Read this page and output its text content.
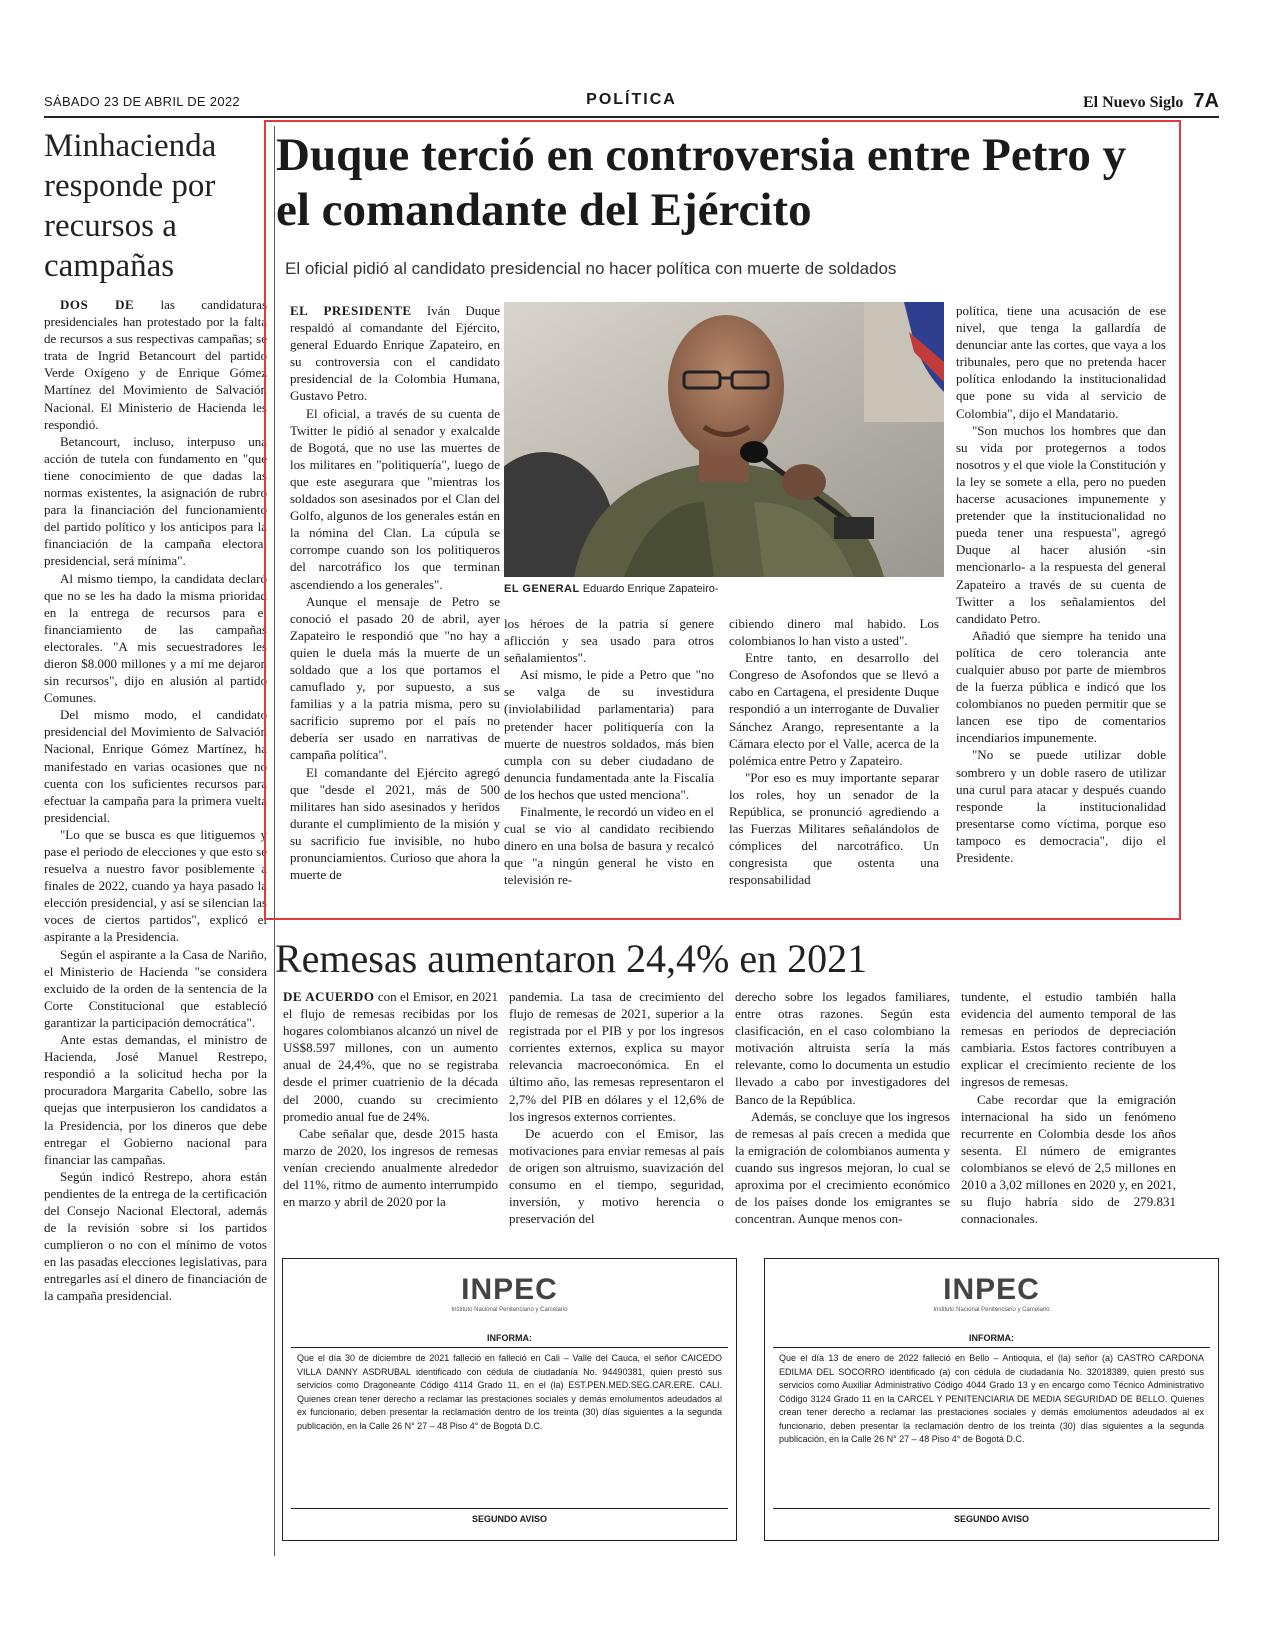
SÁBADO 23 DE ABRIL DE 2022	POLÍTICA	El Nuevo Siglo 7A
Minhacienda responde por recursos a campañas

DOS DE las candidaturas presidenciales han protestado por la falta de recursos a sus respectivas campañas; se trata de Ingrid Betancourt del partido Verde Oxígeno y de Enrique Gómez Martínez del Movimiento de Salvación Nacional. El Ministerio de Hacienda les respondió.

Betancourt, incluso, interpuso una acción de tutela con fundamento en "que tiene conocimiento de que dadas las normas existentes, la asignación de rubro para la financiación del funcionamiento del partido político y los anticipos para la financiación de la campaña electoral presidencial, será mínima".

Al mismo tiempo, la candidata declaró que no se les ha dado la misma prioridad en la entrega de recursos para el financiamiento de las campañas electorales. "A mis secuestradores les dieron $8.000 millones y a mí me dejaron sin recursos", dijo en alusión al partido Comunes.

Del mismo modo, el candidato presidencial del Movimiento de Salvación Nacional, Enrique Gómez Martínez, ha manifestado en varias ocasiones que no cuenta con los suficientes recursos para efectuar la campaña para la primera vuelta presidencial.

"Lo que se busca es que litiguemos y pase el periodo de elecciones y que esto se resuelva a nuestro favor posiblemente a finales de 2022, cuando ya haya pasado la elección presidencial, y así se silencian las voces de ciertos partidos", explicó el aspirante a la Presidencia.

Según el aspirante a la Casa de Nariño, el Ministerio de Hacienda "se considera excluido de la orden de la sentencia de la Corte Constitucional que estableció garantizar la participación democrática".

Ante estas demandas, el ministro de Hacienda, José Manuel Restrepo, respondió a la solicitud hecha por la procuradora Margarita Cabello, sobre las quejas que interpusieron los candidatos a la Presidencia, por los dineros que debe entregar el Gobierno nacional para financiar las campañas.

Según indicó Restrepo, ahora están pendientes de la entrega de la certificación del Consejo Nacional Electoral, además de la revisión sobre si los partidos cumplieron o no con el mínimo de votos en las pasadas elecciones legislativas, para entregarles así el dinero de financiación de la campaña presidencial.

Duque terció en controversia entre Petro y el comandante del Ejército
El oficial pidió al candidato presidencial no hacer política con muerte de soldados

EL PRESIDENTE Iván Duque respaldó al comandante del Ejército, general Eduardo Enrique Zapateiro, en su controversia con el candidato presidencial de la Colombia Humana, Gustavo Petro.

El oficial, a través de su cuenta de Twitter le pidió al senador y exalcalde de Bogotá, que no use las muertes de los militares en "politiquería", luego de que este asegurara que "mientras los soldados son asesinados por el Clan del Golfo, algunos de los generales están en la nómina del Clan. La cúpula se corrompe cuando son los politiqueros del narcotráfico los que terminan ascendiendo a los generales".

Aunque el mensaje de Petro se conoció el pasado 20 de abril, ayer Zapateiro le respondió que "no hay a quien le duela más la muerte de un soldado que a los que portamos el camuflado y, por supuesto, a sus familias y a la patria misma, pero su sacrificio supremo por el país no debería ser usado en narrativas de campaña política".

El comandante del Ejército agregó que "desde el 2021, más de 500 militares han sido asesinados y heridos durante el cumplimiento de la misión y su sacrificio fue invisible, no hubo pronunciamientos. Curioso que ahora la muerte de

EL GENERAL Eduardo Enrique Zapateiro-

los héroes de la patria sí genere aflicción y sea usado para otros señalamientos".

Así mismo, le pide a Petro que "no se valga de su investidura (inviolabilidad parlamentaria) para pretender hacer politiquería con la muerte de nuestros soldados, más bien cumpla con su deber ciudadano de denuncia fundamentada ante la Fiscalía de los hechos que usted menciona".

Finalmente, le recordó un video en el cual se vio al candidato recibiendo dinero en una bolsa de basura y recalcó que "a ningún general he visto en televisión re-

cibiendo dinero mal habido. Los colombianos lo han visto a usted".

Entre tanto, en desarrollo del Congreso de Asofondos que se llevó a cabo en Cartagena, el presidente Duque respondió a un interrogante de Duvalier Sánchez Arango, representante a la Cámara electo por el Valle, acerca de la polémica entre Petro y Zapateiro.

"Por eso es muy importante separar los roles, hoy un senador de la República, se pronunció agrediendo a las Fuerzas Militares señalándolos de cómplices del narcotráfico. Un congresista que ostenta una responsabilidad

política, tiene una acusación de ese nivel, que tenga la gallardía de denunciar ante las cortes, que vaya a los tribunales, pero que no pretenda hacer política enlodando la institucionalidad que pone su vida al servicio de Colombia", dijo el Mandatario.

"Son muchos los hombres que dan su vida por protegernos a todos nosotros y el que viole la Constitución y la ley se somete a ella, pero no pueden hacerse acusaciones impunemente y pretender que la institucionalidad no pueda tener una respuesta", agregó Duque al hacer alusión -sin mencionarlo- a la respuesta del general Zapateiro a través de su cuenta de Twitter a los señalamientos del candidato Petro.

Añadió que siempre ha tenido una política de cero tolerancia ante cualquier abuso por parte de miembros de la fuerza pública e indicó que los colombianos no pueden permitir que se lancen ese tipo de comentarios incendiarios impunemente.

"No se puede utilizar doble sombrero y un doble rasero de utilizar una curul para atacar y después cuando responde la institucionalidad presentarse como víctima, porque eso tampoco es democracia", dijo el Presidente.

Remesas aumentaron 24,4% en 2021

DE ACUERDO con el Emisor, en 2021 el flujo de remesas recibidas por los hogares colombianos alcanzó un nivel de US$8.597 millones, con un aumento anual de 24,4%, que no se registraba desde el primer cuatrienio de la década del 2000, cuando su crecimiento promedio anual fue de 24%.

Cabe señalar que, desde 2015 hasta marzo de 2020, los ingresos de remesas venían creciendo anualmente alrededor del 11%, ritmo de aumento interrumpido en marzo y abril de 2020 por la

pandemia. La tasa de crecimiento del flujo de remesas de 2021, superior a la registrada por el PIB y por los ingresos corrientes externos, explica su mayor relevancia macroeconómica. En el último año, las remesas representaron el 2,7% del PIB en dólares y el 12,6% de los ingresos externos corrientes.

De acuerdo con el Emisor, las motivaciones para enviar remesas al país de origen son altruismo, suavización del consumo en el tiempo, seguridad, inversión, y motivo herencia o preservación del

derecho sobre los legados familiares, entre otras razones. Según esta clasificación, en el caso colombiano la motivación altruista sería la más relevante, como lo documenta un estudio llevado a cabo por investigadores del Banco de la República.

Además, se concluye que los ingresos de remesas al país crecen a medida que la emigración de colombianos aumenta y cuando sus ingresos mejoran, lo cual se aproxima por el crecimiento económico de los países donde los emigrantes se concentran. Aunque menos con-

tundente, el estudio también halla evidencia del aumento temporal de las remesas en periodos de depreciación cambiaria. Estos factores contribuyen a explicar el crecimiento reciente de los ingresos de remesas.

Cabe recordar que la emigración internacional ha sido un fenómeno recurrente en Colombia desde los años sesenta. El número de emigrantes colombianos se elevó de 2,5 millones en 2010 a 3,02 millones en 2020 y, en 2021, su flujo habría sido de 279.831 connacionales.

INPEC
Instituto Nacional Penitenciario y Carcelario
INFORMA:
Que el día 30 de diciembre de 2021 falleció en falleció en Cali – Valle del Cauca, el señor CAICEDO VILLA DANNY ASDRUBAL identificado con cédula de ciudadanía No. 94490381, quien prestó sus servicios como Dragoneante Código 4114 Grado 11, en el (la) EST.PEN.MED.SEG.CAR.ERE. CALI. Quienes crean tener derecho a reclamar las prestaciones sociales y demás emolumentos adeudados al ex funcionario, deben presentar la reclamación dentro de los treinta (30) días siguientes a la segunda publicación, en la Calle 26 N° 27 – 48 Piso 4° de Bogotá D.C.
SEGUNDO AVISO
INPEC
Instituto Nacional Penitenciario y Carcelario
INFORMA:
Que el día 13 de enero de 2022 falleció en Bello – Antioquia, el (la) señor (a) CASTRO CARDONA EDILMA DEL SOCORRO identificado (a) con cédula de ciudadanía No. 32018389, quien prestó sus servicios como Auxiliar Administrativo Código 4044 Grado 13 y en encargo como Técnico Administrativo Código 3124 Grado 11 en la CARCEL Y PENITENCIARIA DE MEDIA SEGURIDAD DE BELLO. Quienes crean tener derecho a reclamar las prestaciones sociales y demás emolumentos adeudados al ex funcionario, deben presentar la reclamación dentro de los treinta (30) días siguientes a la segunda publicación, en la Calle 26 N° 27 – 48 Piso 4° de Bogotá D.C.
SEGUNDO AVISO
